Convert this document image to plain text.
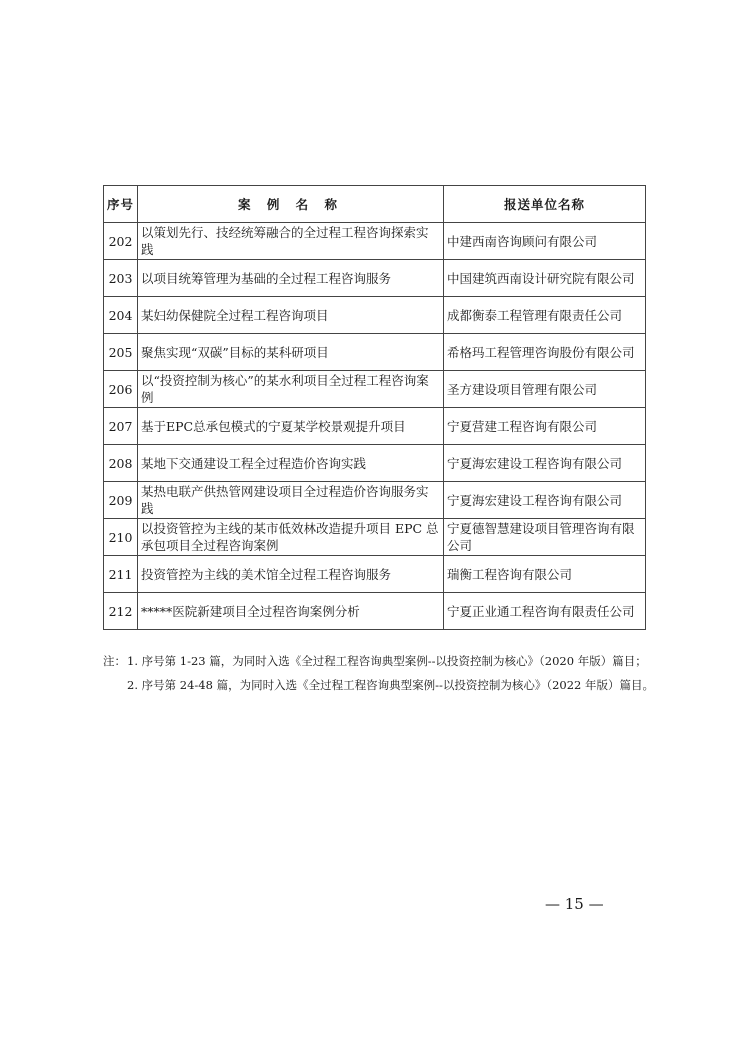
序号	案 例 名 称	报送单位名称
202	以策划先行、技经统筹融合的全过程工程咨询探索实践	中建西南咨询顾问有限公司
203	以项目统筹管理为基础的全过程工程咨询服务	中国建筑西南设计研究院有限公司
204	某妇幼保健院全过程工程咨询项目	成都衡泰工程管理有限责任公司
205	聚焦实现“双碳”目标的某科研项目	希格玛工程管理咨询股份有限公司
206	以“投资控制为核心”的某水利项目全过程工程咨询案例	圣方建设项目管理有限公司
207	基于EPC总承包模式的宁夏某学校景观提升项目	宁夏营建工程咨询有限公司
208	某地下交通建设工程全过程造价咨询实践	宁夏海宏建设工程咨询有限公司
209	某热电联产供热管网建设项目全过程造价咨询服务实践	宁夏海宏建设工程咨询有限公司
210	以投资管控为主线的某市低效林改造提升项目 EPC 总承包项目全过程咨询案例	宁夏德智慧建设项目管理咨询有限公司
211	投资管控为主线的美术馆全过程工程咨询服务	瑞衡工程咨询有限公司
212	*****医院新建项目全过程咨询案例分析	宁夏正业通工程咨询有限责任公司
注： 1. 序号第 1-23 篇，为同时入选《全过程工程咨询典型案例--以投资控制为核心》（2020 年版）篇目；
2. 序号第 24-48 篇，为同时入选《全过程工程咨询典型案例--以投资控制为核心》（2022 年版）篇目。
— 15 —
